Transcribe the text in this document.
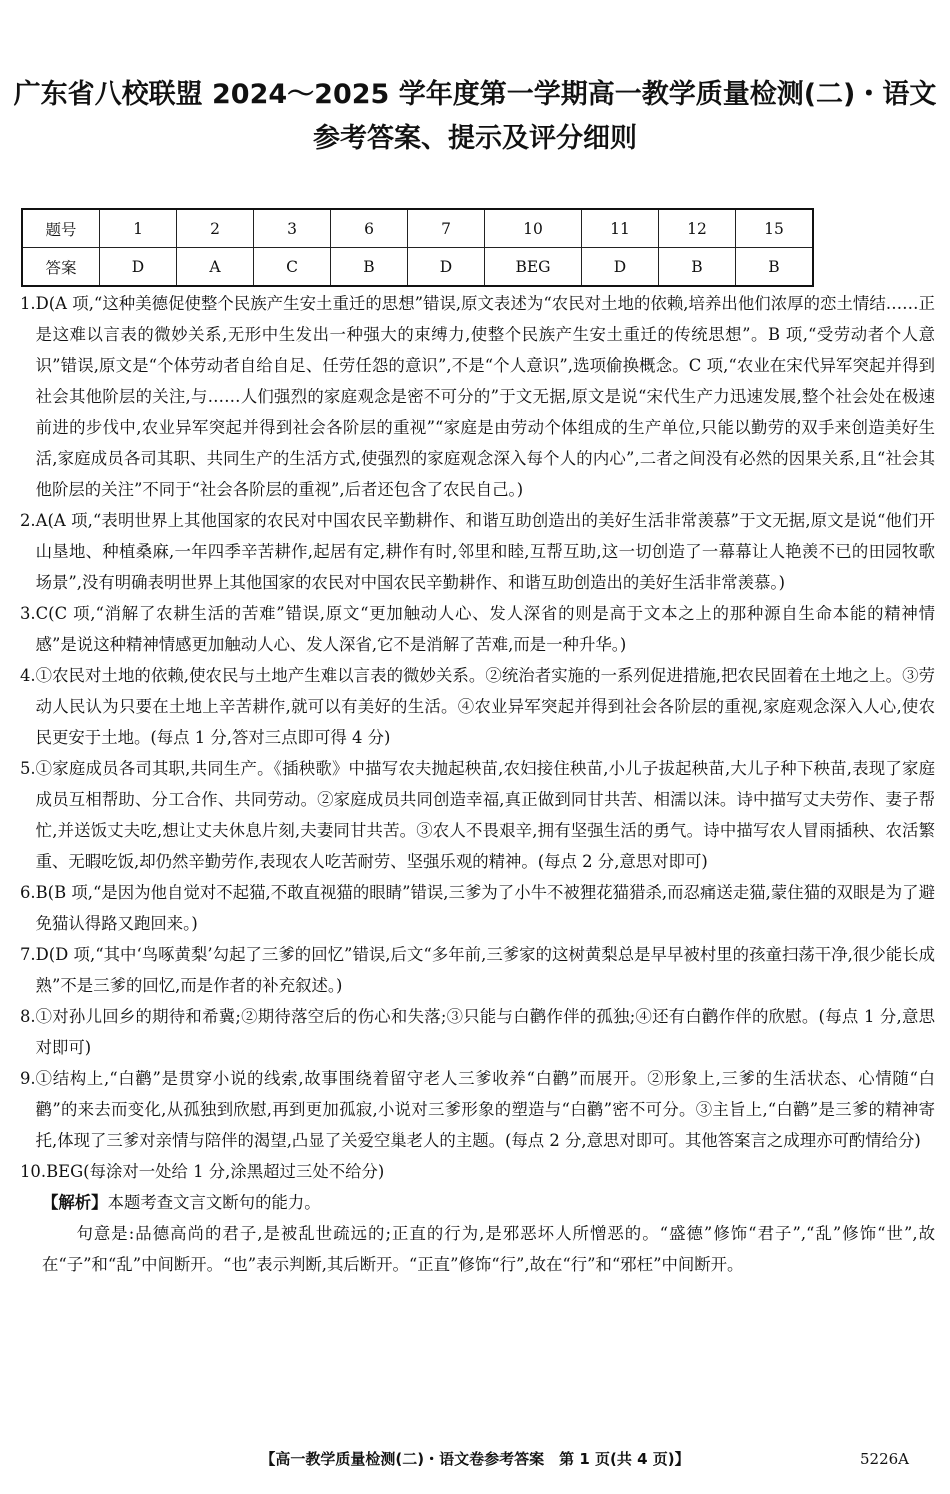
广东省八校联盟 2024～2025 学年度第一学期高一教学质量检测(二)・语文
参考答案、提示及评分细则
题号	1	2	3	6	7	10	11	12	15
答案	D	A	C	B	D	BEG	D	B	B
1. D(A 项,“这种美德促使整个民族产生安土重迁的思想”错误,原文表述为“农民对土地的依赖,培养出他们浓厚的恋土情结……正是这难以言表的微妙关系,无形中生发出一种强大的束缚力,使整个民族产生安土重迁的传统思想”。B 项,“受劳动者个人意识”错误,原文是“个体劳动者自给自足、任劳任怨的意识”,不是“个人意识”,选项偷换概念。C 项,“农业在宋代异军突起并得到社会其他阶层的关注,与……人们强烈的家庭观念是密不可分的”于文无据,原文是说“宋代生产力迅速发展,整个社会处在极速前进的步伐中,农业异军突起并得到社会各阶层的重视”“家庭是由劳动个体组成的生产单位,只能以勤劳的双手来创造美好生活,家庭成员各司其职、共同生产的生活方式,使强烈的家庭观念深入每个人的内心”,二者之间没有必然的因果关系,且“社会其他阶层的关注”不同于“社会各阶层的重视”,后者还包含了农民自己。)
2. A(A 项,“表明世界上其他国家的农民对中国农民辛勤耕作、和谐互助创造出的美好生活非常羡慕”于文无据,原文是说“他们开山垦地、种植桑麻,一年四季辛苦耕作,起居有定,耕作有时,邻里和睦,互帮互助,这一切创造了一幕幕让人艳羡不已的田园牧歌场景”,没有明确表明世界上其他国家的农民对中国农民辛勤耕作、和谐互助创造出的美好生活非常羡慕。)
3. C(C 项,“消解了农耕生活的苦难”错误,原文“更加触动人心、发人深省的则是高于文本之上的那种源自生命本能的精神情感”是说这种精神情感更加触动人心、发人深省,它不是消解了苦难,而是一种升华。)
4. ①农民对土地的依赖,使农民与土地产生难以言表的微妙关系。②统治者实施的一系列促进措施,把农民固着在土地之上。③劳动人民认为只要在土地上辛苦耕作,就可以有美好的生活。④农业异军突起并得到社会各阶层的重视,家庭观念深入人心,使农民更安于土地。(每点 1 分,答对三点即可得 4 分)
5. ①家庭成员各司其职,共同生产。《插秧歌》中描写农夫抛起秧苗,农妇接住秧苗,小儿子拔起秧苗,大儿子种下秧苗,表现了家庭成员互相帮助、分工合作、共同劳动。②家庭成员共同创造幸福,真正做到同甘共苦、相濡以沫。诗中描写丈夫劳作、妻子帮忙,并送饭丈夫吃,想让丈夫休息片刻,夫妻同甘共苦。③农人不畏艰辛,拥有坚强生活的勇气。诗中描写农人冒雨插秧、农活繁重、无暇吃饭,却仍然辛勤劳作,表现农人吃苦耐劳、坚强乐观的精神。(每点 2 分,意思对即可)
6. B(B 项,“是因为他自觉对不起猫,不敢直视猫的眼睛”错误,三爹为了小牛不被狸花猫猎杀,而忍痛送走猫,蒙住猫的双眼是为了避免猫认得路又跑回来。)
7. D(D 项,“其中‘鸟啄黄梨’勾起了三爹的回忆”错误,后文“多年前,三爹家的这树黄梨总是早早被村里的孩童扫荡干净,很少能长成熟”不是三爹的回忆,而是作者的补充叙述。)
8. ①对孙儿回乡的期待和希冀;②期待落空后的伤心和失落;③只能与白鹳作伴的孤独;④还有白鹳作伴的欣慰。(每点 1 分,意思对即可)
9. ①结构上,“白鹳”是贯穿小说的线索,故事围绕着留守老人三爹收养“白鹳”而展开。②形象上,三爹的生活状态、心情随“白鹳”的来去而变化,从孤独到欣慰,再到更加孤寂,小说对三爹形象的塑造与“白鹳”密不可分。③主旨上,“白鹳”是三爹的精神寄托,体现了三爹对亲情与陪伴的渴望,凸显了关爱空巢老人的主题。(每点 2 分,意思对即可。其他答案言之成理亦可酌情给分)
10. BEG(每涂对一处给 1 分,涂黑超过三处不给分)
【解析】本题考查文言文断句的能力。
句意是:品德高尚的君子,是被乱世疏远的;正直的行为,是邪恶坏人所憎恶的。“盛德”修饰“君子”,“乱”修饰“世”,故在“子”和“乱”中间断开。“也”表示判断,其后断开。“正直”修饰“行”,故在“行”和“邪枉”中间断开。
【高一教学质量检测(二)・语文卷参考答案　第 1 页(共 4 页)】	5226A
